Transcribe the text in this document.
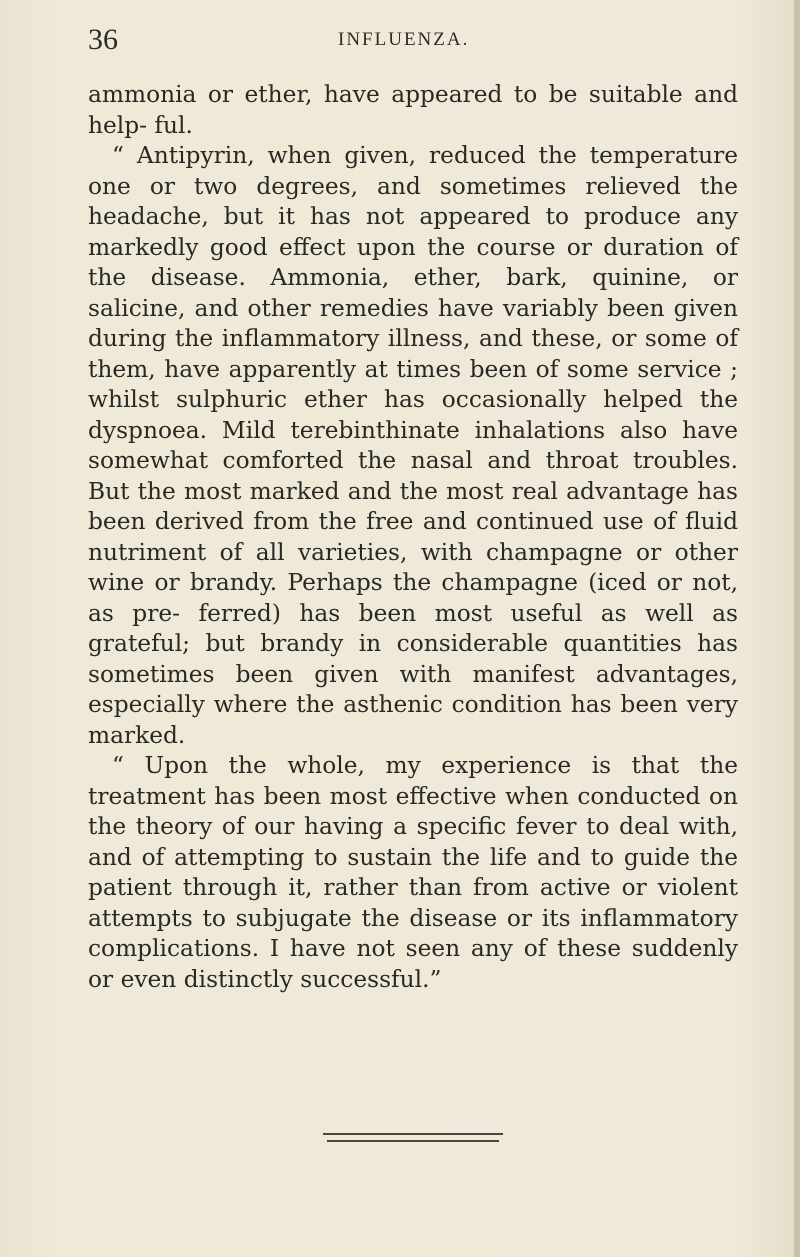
36	INFLUENZA.

ammonia or ether, have appeared to be suitable and help- ful.

“ Antipyrin, when given, reduced the temperature one or two degrees, and sometimes relieved the headache, but it has not appeared to produce any markedly good effect upon the course or duration of the disease. Ammonia, ether, bark, quinine, or salicine, and other remedies have variably been given during the inflammatory illness, and these, or some of them, have apparently at times been of some service ; whilst sulphuric ether has occasionally helped the dyspnoea. Mild terebinthinate inhalations also have somewhat comforted the nasal and throat troubles. But the most marked and the most real advantage has been derived from the free and continued use of fluid nutriment of all varieties, with champagne or other wine or brandy. Perhaps the champagne (iced or not, as pre- ferred) has been most useful as well as grateful; but brandy in considerable quantities has sometimes been given with manifest advantages, especially where the asthenic condition has been very marked.

“ Upon the whole, my experience is that the treatment has been most effective when conducted on the theory of our having a specific fever to deal with, and of attempting to sustain the life and to guide the patient through it, rather than from active or violent attempts to subjugate the disease or its inflammatory complications. I have not seen any of these suddenly or even distinctly successful.”
